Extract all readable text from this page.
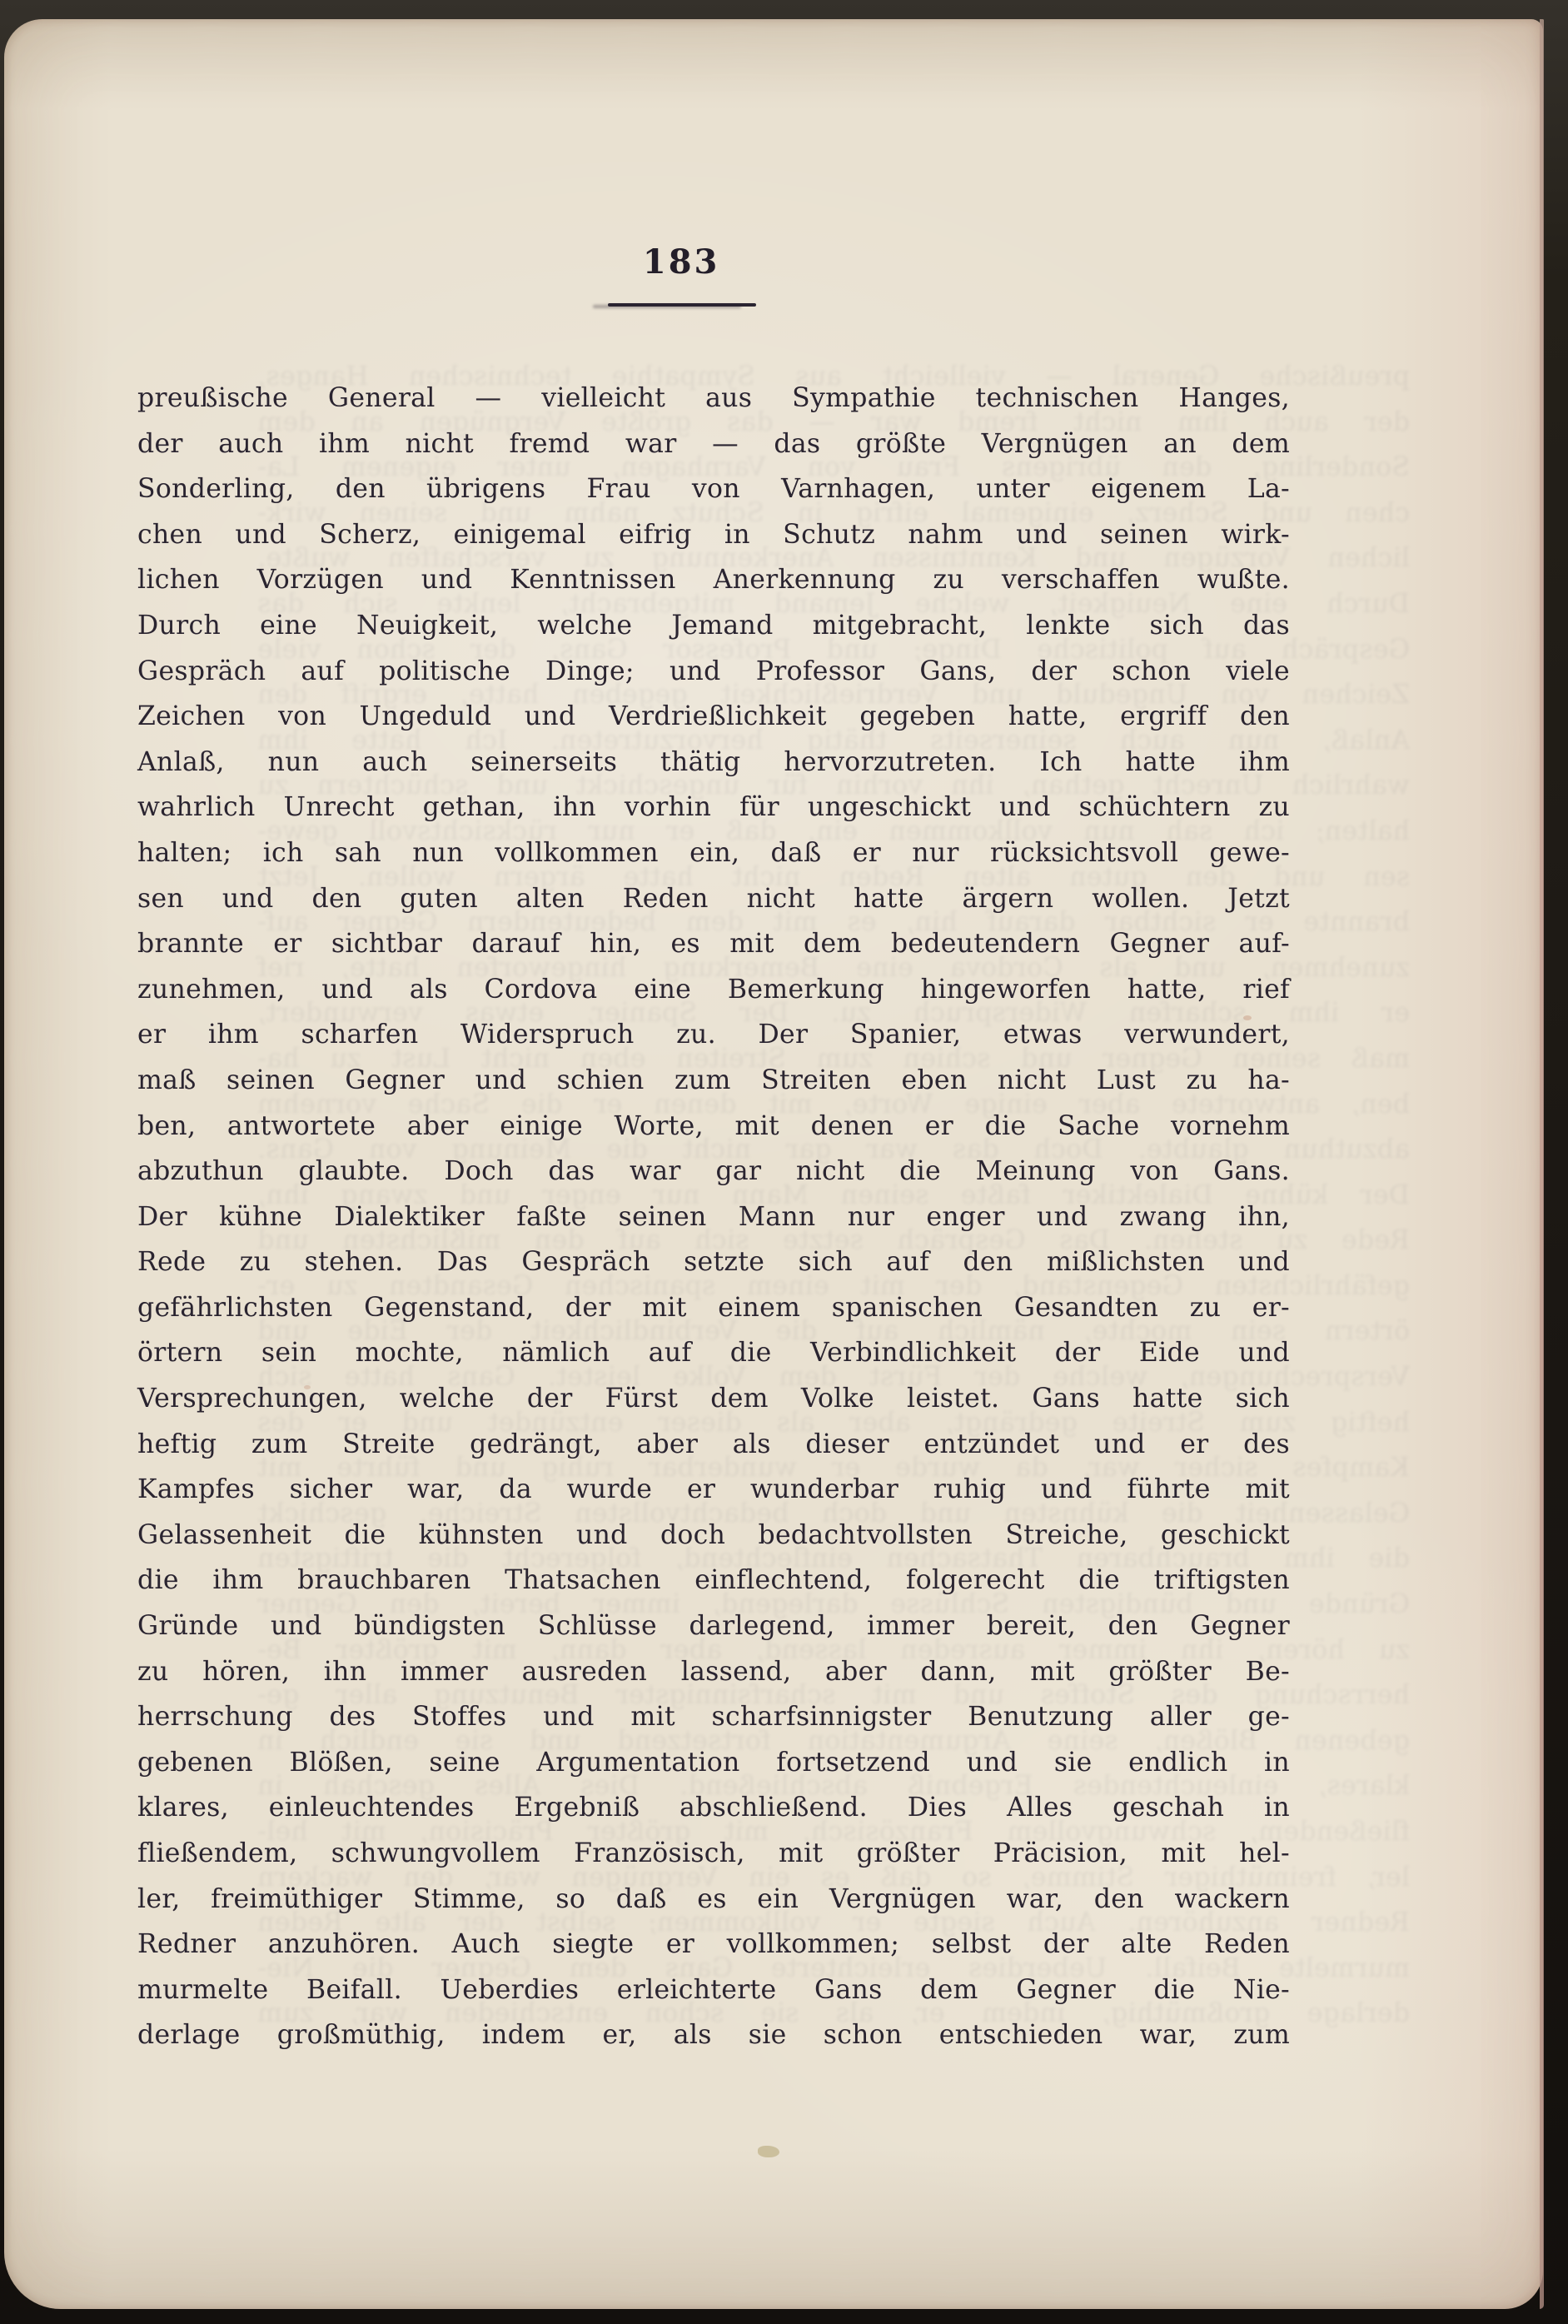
preußische General — vielleicht aus Sympathie technischen Hanges,
der auch ihm nicht fremd war — das größte Vergnügen an dem
Sonderling, den übrigens Frau von Varnhagen, unter eigenem La-
chen und Scherz, einigemal eifrig in Schutz nahm und seinen wirk-
lichen Vorzügen und Kenntnissen Anerkennung zu verschaffen wußte.
Durch eine Neuigkeit, welche Jemand mitgebracht, lenkte sich das
Gespräch auf politische Dinge; und Professor Gans, der schon viele
Zeichen von Ungeduld und Verdrießlichkeit gegeben hatte, ergriff den
Anlaß, nun auch seinerseits thätig hervorzutreten. Ich hatte ihm
wahrlich Unrecht gethan, ihn vorhin für ungeschickt und schüchtern zu
halten; ich sah nun vollkommen ein, daß er nur rücksichtsvoll gewe-
sen und den guten alten Reden nicht hatte ärgern wollen. Jetzt
brannte er sichtbar darauf hin, es mit dem bedeutendern Gegner auf-
zunehmen, und als Cordova eine Bemerkung hingeworfen hatte, rief
er ihm scharfen Widerspruch zu. Der Spanier, etwas verwundert,
maß seinen Gegner und schien zum Streiten eben nicht Lust zu ha-
ben, antwortete aber einige Worte, mit denen er die Sache vornehm
abzuthun glaubte. Doch das war gar nicht die Meinung von Gans.
Der kühne Dialektiker faßte seinen Mann nur enger und zwang ihn,
Rede zu stehen. Das Gespräch setzte sich auf den mißlichsten und
gefährlichsten Gegenstand, der mit einem spanischen Gesandten zu er-
örtern sein mochte, nämlich auf die Verbindlichkeit der Eide und
Versprechungen, welche der Fürst dem Volke leistet. Gans hatte sich
heftig zum Streite gedrängt, aber als dieser entzündet und er des
Kampfes sicher war, da wurde er wunderbar ruhig und führte mit
Gelassenheit die kühnsten und doch bedachtvollsten Streiche, geschickt
die ihm brauchbaren Thatsachen einflechtend, folgerecht die triftigsten
Gründe und bündigsten Schlüsse darlegend, immer bereit, den Gegner
zu hören, ihn immer ausreden lassend, aber dann, mit größter Be-
herrschung des Stoffes und mit scharfsinnigster Benutzung aller ge-
gebenen Blößen, seine Argumentation fortsetzend und sie endlich in
klares, einleuchtendes Ergebniß abschließend. Dies Alles geschah in
fließendem, schwungvollem Französisch, mit größter Präcision, mit hel-
ler, freimüthiger Stimme, so daß es ein Vergnügen war, den wackern
Redner anzuhören. Auch siegte er vollkommen; selbst der alte Reden
murmelte Beifall. Ueberdies erleichterte Gans dem Gegner die Nie-
derlage großmüthig, indem er, als sie schon entschieden war, zum
183
preußische General — vielleicht aus Sympathie technischen Hanges,
der auch ihm nicht fremd war — das größte Vergnügen an dem
Sonderling, den übrigens Frau von Varnhagen, unter eigenem La-
chen und Scherz, einigemal eifrig in Schutz nahm und seinen wirk-
lichen Vorzügen und Kenntnissen Anerkennung zu verschaffen wußte.
Durch eine Neuigkeit, welche Jemand mitgebracht, lenkte sich das
Gespräch auf politische Dinge; und Professor Gans, der schon viele
Zeichen von Ungeduld und Verdrießlichkeit gegeben hatte, ergriff den
Anlaß, nun auch seinerseits thätig hervorzutreten. Ich hatte ihm
wahrlich Unrecht gethan, ihn vorhin für ungeschickt und schüchtern zu
halten; ich sah nun vollkommen ein, daß er nur rücksichtsvoll gewe-
sen und den guten alten Reden nicht hatte ärgern wollen. Jetzt
brannte er sichtbar darauf hin, es mit dem bedeutendern Gegner auf-
zunehmen, und als Cordova eine Bemerkung hingeworfen hatte, rief
er ihm scharfen Widerspruch zu. Der Spanier, etwas verwundert,
maß seinen Gegner und schien zum Streiten eben nicht Lust zu ha-
ben, antwortete aber einige Worte, mit denen er die Sache vornehm
abzuthun glaubte. Doch das war gar nicht die Meinung von Gans.
Der kühne Dialektiker faßte seinen Mann nur enger und zwang ihn,
Rede zu stehen. Das Gespräch setzte sich auf den mißlichsten und
gefährlichsten Gegenstand, der mit einem spanischen Gesandten zu er-
örtern sein mochte, nämlich auf die Verbindlichkeit der Eide und
Versprechungen, welche der Fürst dem Volke leistet. Gans hatte sich
heftig zum Streite gedrängt, aber als dieser entzündet und er des
Kampfes sicher war, da wurde er wunderbar ruhig und führte mit
Gelassenheit die kühnsten und doch bedachtvollsten Streiche, geschickt
die ihm brauchbaren Thatsachen einflechtend, folgerecht die triftigsten
Gründe und bündigsten Schlüsse darlegend, immer bereit, den Gegner
zu hören, ihn immer ausreden lassend, aber dann, mit größter Be-
herrschung des Stoffes und mit scharfsinnigster Benutzung aller ge-
gebenen Blößen, seine Argumentation fortsetzend und sie endlich in
klares, einleuchtendes Ergebniß abschließend. Dies Alles geschah in
fließendem, schwungvollem Französisch, mit größter Präcision, mit hel-
ler, freimüthiger Stimme, so daß es ein Vergnügen war, den wackern
Redner anzuhören. Auch siegte er vollkommen; selbst der alte Reden
murmelte Beifall. Ueberdies erleichterte Gans dem Gegner die Nie-
derlage großmüthig, indem er, als sie schon entschieden war, zum
